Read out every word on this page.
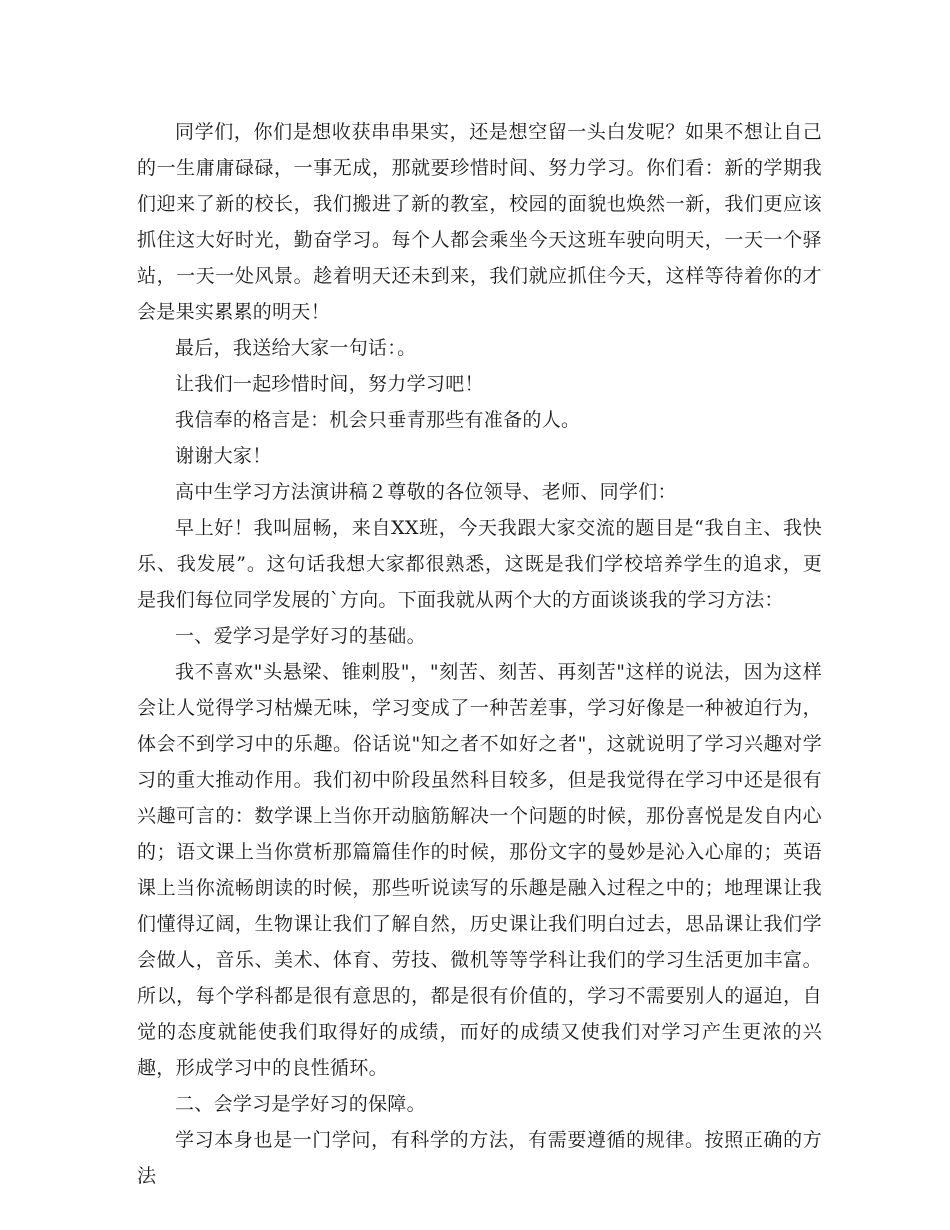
同学们，你们是想收获串串果实，还是想空留一头白发呢？如果不想让自己的一生庸庸碌碌，一事无成，那就要珍惜时间、努力学习。你们看：新的学期我们迎来了新的校长，我们搬进了新的教室，校园的面貌也焕然一新，我们更应该抓住这大好时光，勤奋学习。每个人都会乘坐今天这班车驶向明天，一天一个驿站，一天一处风景。趁着明天还未到来，我们就应抓住今天，这样等待着你的才会是果实累累的明天！

最后，我送给大家一句话：。

让我们一起珍惜时间，努力学习吧！

我信奉的格言是：机会只垂青那些有准备的人。

谢谢大家！

高中生学习方法演讲稿２尊敬的各位领导、老师、同学们：

早上好！我叫屈畅，来自XX班，今天我跟大家交流的题目是“我自主、我快乐、我发展”。这句话我想大家都很熟悉，这既是我们学校培养学生的追求，更是我们每位同学发展的`方向。下面我就从两个大的方面谈谈我的学习方法：

一、爱学习是学好习的基础。

我不喜欢"头悬梁、锥刺股"，"刻苦、刻苦、再刻苦"这样的说法，因为这样会让人觉得学习枯燥无味，学习变成了一种苦差事，学习好像是一种被迫行为，体会不到学习中的乐趣。俗话说"知之者不如好之者"，这就说明了学习兴趣对学习的重大推动作用。我们初中阶段虽然科目较多，但是我觉得在学习中还是很有兴趣可言的：数学课上当你开动脑筋解决一个问题的时候，那份喜悦是发自内心的；语文课上当你赏析那篇篇佳作的时候，那份文字的曼妙是沁入心扉的；英语课上当你流畅朗读的时候，那些听说读写的乐趣是融入过程之中的；地理课让我们懂得辽阔，生物课让我们了解自然，历史课让我们明白过去，思品课让我们学会做人，音乐、美术、体育、劳技、微机等等学科让我们的学习生活更加丰富。所以，每个学科都是很有意思的，都是很有价值的，学习不需要别人的逼迫，自觉的态度就能使我们取得好的成绩，而好的成绩又使我们对学习产生更浓的兴趣，形成学习中的良性循环。

二、会学习是学好习的保障。

学习本身也是一门学问，有科学的方法，有需要遵循的规律。按照正确的方法
